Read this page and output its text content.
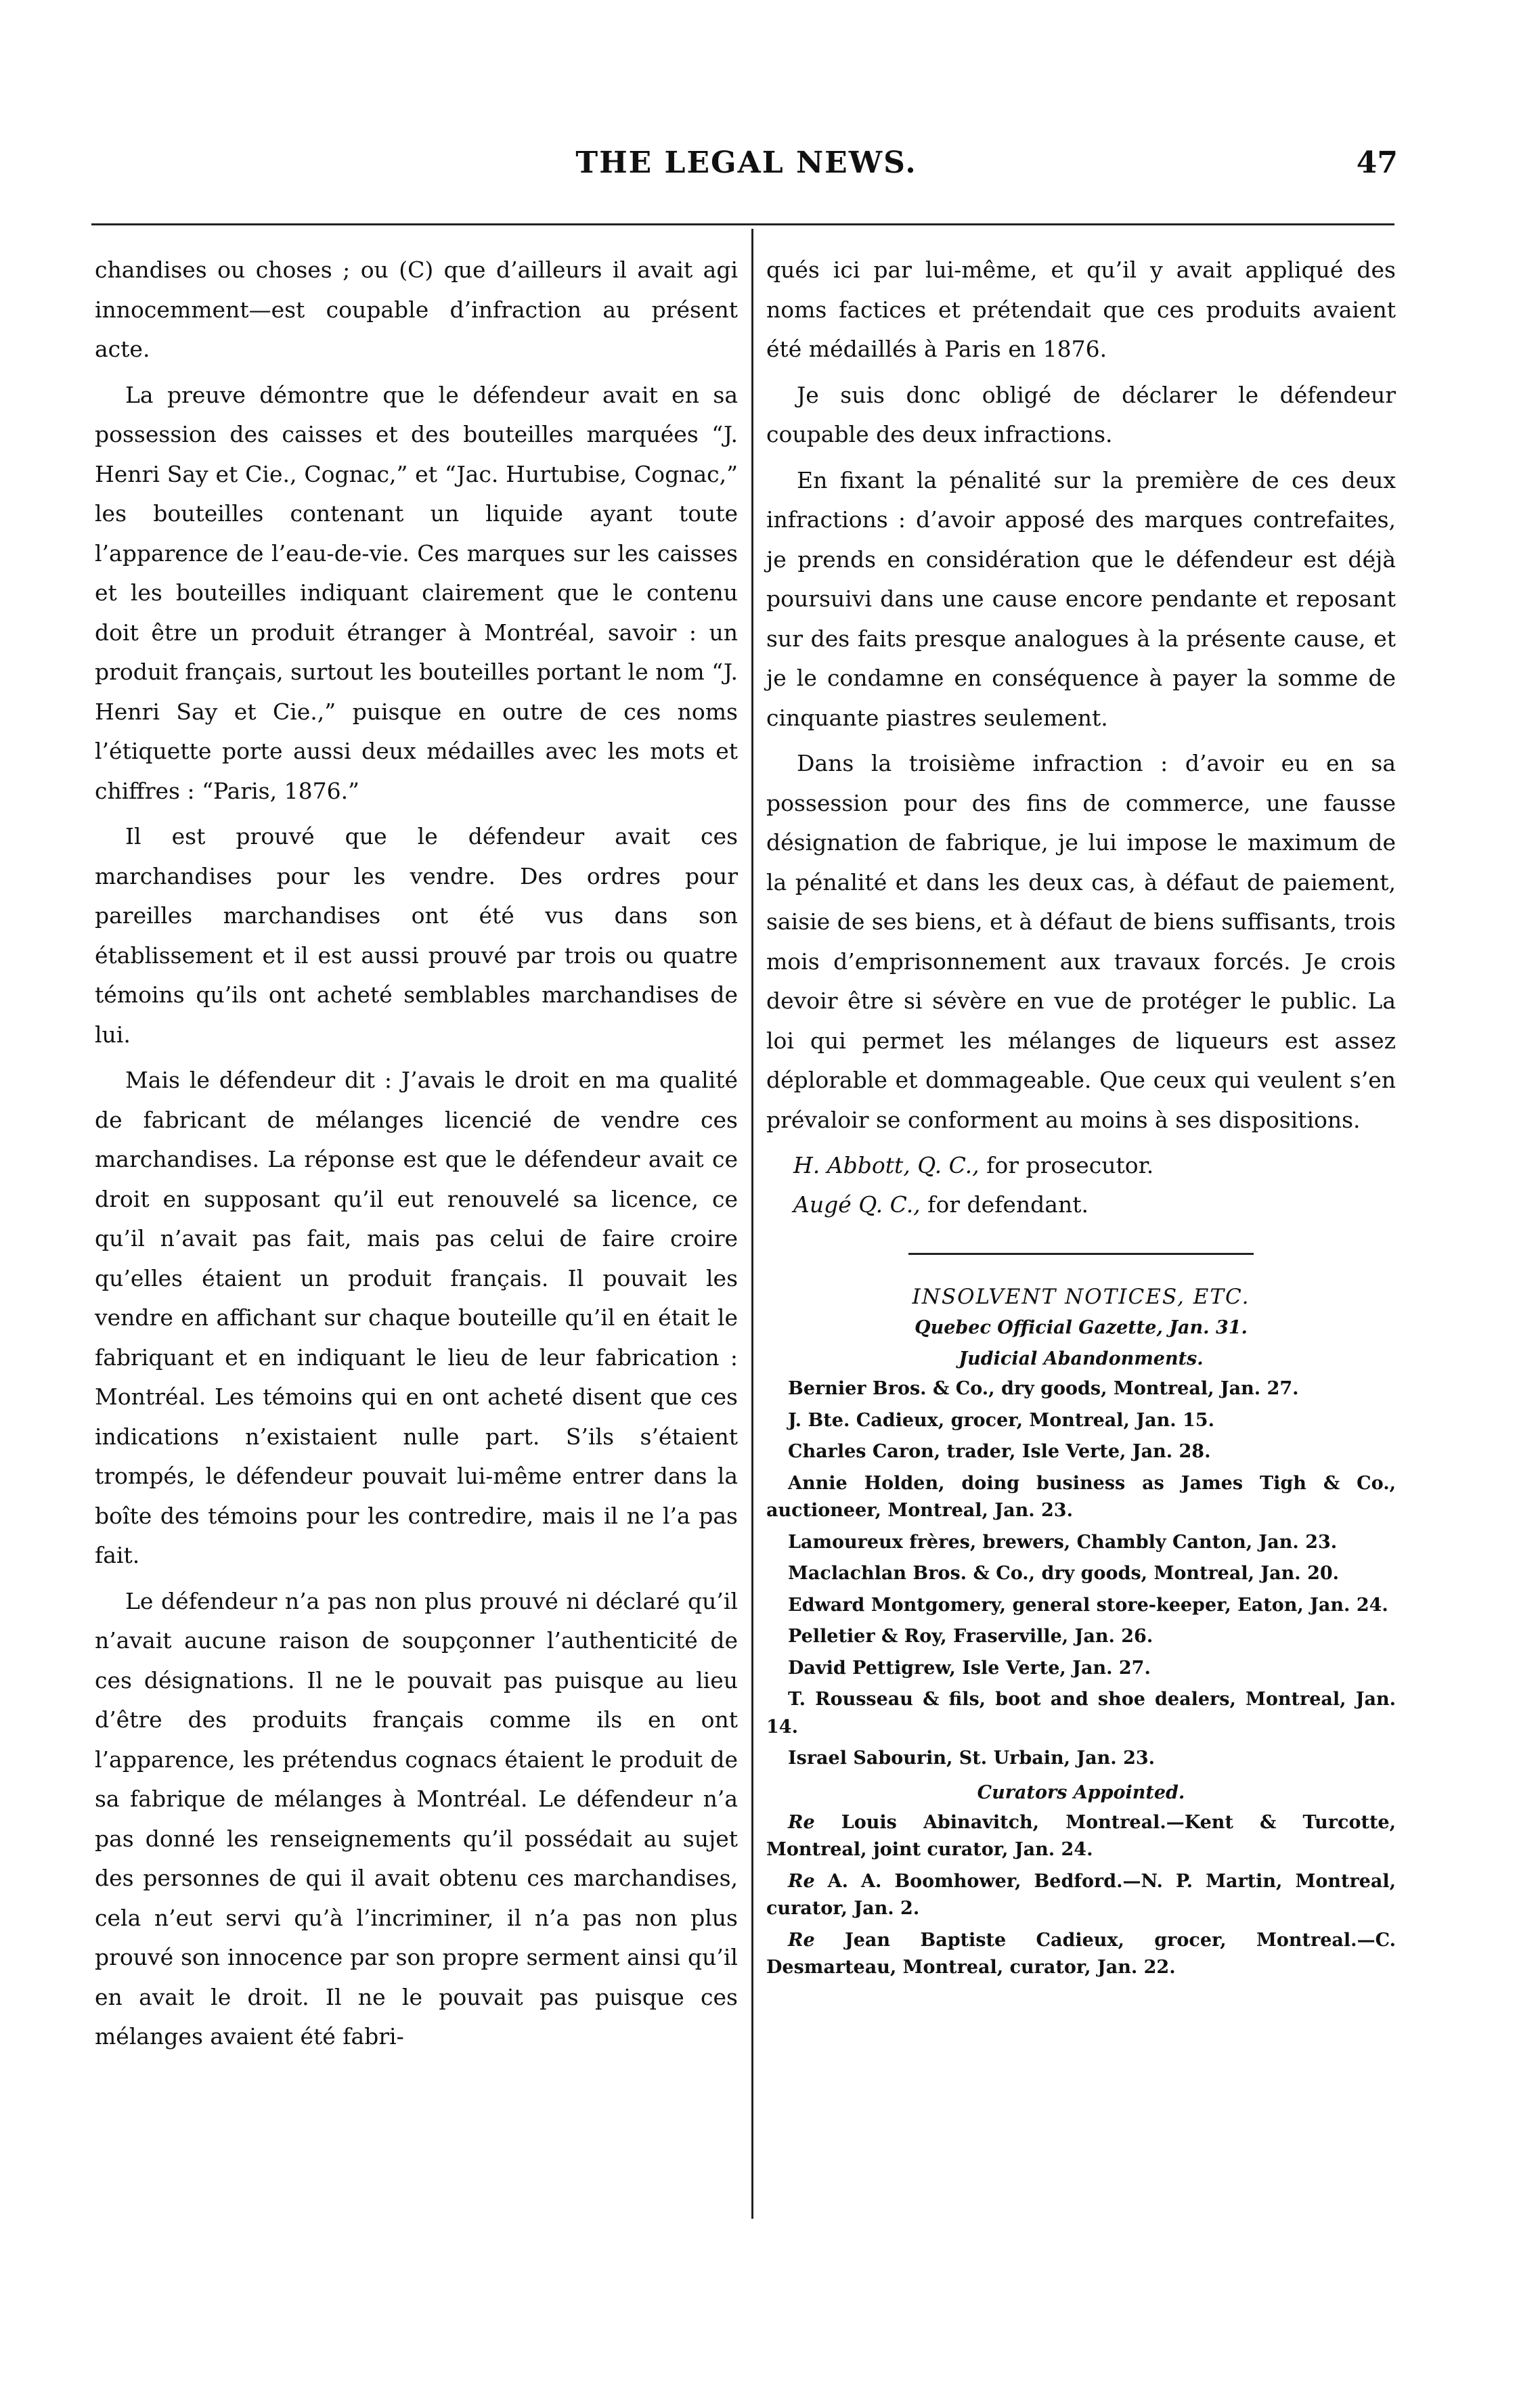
THE LEGAL NEWS.	47

chandises ou choses ; ou (C) que d’ailleurs il avait agi innocemment—est coupable d’infraction au présent acte.

La preuve démontre que le défendeur avait en sa possession des caisses et des bouteilles marquées “J. Henri Say et Cie., Cognac,” et “Jac. Hurtubise, Cognac,” les bouteilles contenant un liquide ayant toute l’apparence de l’eau-de-vie. Ces marques sur les caisses et les bouteilles indiquant clairement que le contenu doit être un produit étranger à Montréal, savoir : un produit français, surtout les bouteilles portant le nom “J. Henri Say et Cie.,” puisque en outre de ces noms l’étiquette porte aussi deux médailles avec les mots et chiffres : “Paris, 1876.”

Il est prouvé que le défendeur avait ces marchandises pour les vendre. Des ordres pour pareilles marchandises ont été vus dans son établissement et il est aussi prouvé par trois ou quatre témoins qu’ils ont acheté semblables marchandises de lui.

Mais le défendeur dit : J’avais le droit en ma qualité de fabricant de mélanges licencié de vendre ces marchandises. La réponse est que le défendeur avait ce droit en supposant qu’il eut renouvelé sa licence, ce qu’il n’avait pas fait, mais pas celui de faire croire qu’elles étaient un produit français. Il pouvait les vendre en affichant sur chaque bouteille qu’il en était le fabriquant et en indiquant le lieu de leur fabrication : Montréal. Les témoins qui en ont acheté disent que ces indications n’existaient nulle part. S’ils s’étaient trompés, le défendeur pouvait lui-même entrer dans la boîte des témoins pour les contredire, mais il ne l’a pas fait.

Le défendeur n’a pas non plus prouvé ni déclaré qu’il n’avait aucune raison de soupçonner l’authenticité de ces désignations. Il ne le pouvait pas puisque au lieu d’être des produits français comme ils en ont l’apparence, les prétendus cognacs étaient le produit de sa fabrique de mélanges à Montréal. Le défendeur n’a pas donné les renseignements qu’il possédait au sujet des personnes de qui il avait obtenu ces marchandises, cela n’eut servi qu’à l’incriminer, il n’a pas non plus prouvé son innocence par son propre serment ainsi qu’il en avait le droit. Il ne le pouvait pas puisque ces mélanges avaient été fabri-

qués ici par lui-même, et qu’il y avait appliqué des noms factices et prétendait que ces produits avaient été médaillés à Paris en 1876.

Je suis donc obligé de déclarer le défendeur coupable des deux infractions.

En fixant la pénalité sur la première de ces deux infractions : d’avoir apposé des marques contrefaites, je prends en considération que le défendeur est déjà poursuivi dans une cause encore pendante et reposant sur des faits presque analogues à la présente cause, et je le condamne en conséquence à payer la somme de cinquante piastres seulement.

Dans la troisième infraction : d’avoir eu en sa possession pour des fins de commerce, une fausse désignation de fabrique, je lui impose le maximum de la pénalité et dans les deux cas, à défaut de paiement, saisie de ses biens, et à défaut de biens suffisants, trois mois d’emprisonnement aux travaux forcés. Je crois devoir être si sévère en vue de protéger le public. La loi qui permet les mélanges de liqueurs est assez déplorable et dommageable. Que ceux qui veulent s’en prévaloir se conforment au moins à ses dispositions.

H. Abbott, Q. C., for prosecutor.
Augé Q. C., for defendant.
INSOLVENT NOTICES, ETC.
Quebec Official Gazette, Jan. 31.
Judicial Abandonments.

Bernier Bros. & Co., dry goods, Montreal, Jan. 27.

J. Bte. Cadieux, grocer, Montreal, Jan. 15.

Charles Caron, trader, Isle Verte, Jan. 28.

Annie Holden, doing business as James Tigh & Co., auctioneer, Montreal, Jan. 23.

Lamoureux frères, brewers, Chambly Canton, Jan. 23.

Maclachlan Bros. & Co., dry goods, Montreal, Jan. 20.

Edward Montgomery, general store-keeper, Eaton, Jan. 24.

Pelletier & Roy, Fraserville, Jan. 26.

David Pettigrew, Isle Verte, Jan. 27.

T. Rousseau & fils, boot and shoe dealers, Montreal, Jan. 14.

Israel Sabourin, St. Urbain, Jan. 23.

Curators Appointed.

Re Louis Abinavitch, Montreal.—Kent & Turcotte, Montreal, joint curator, Jan. 24.

Re A. A. Boomhower, Bedford.—N. P. Martin, Montreal, curator, Jan. 2.

Re Jean Baptiste Cadieux, grocer, Montreal.—C. Desmarteau, Montreal, curator, Jan. 22.
